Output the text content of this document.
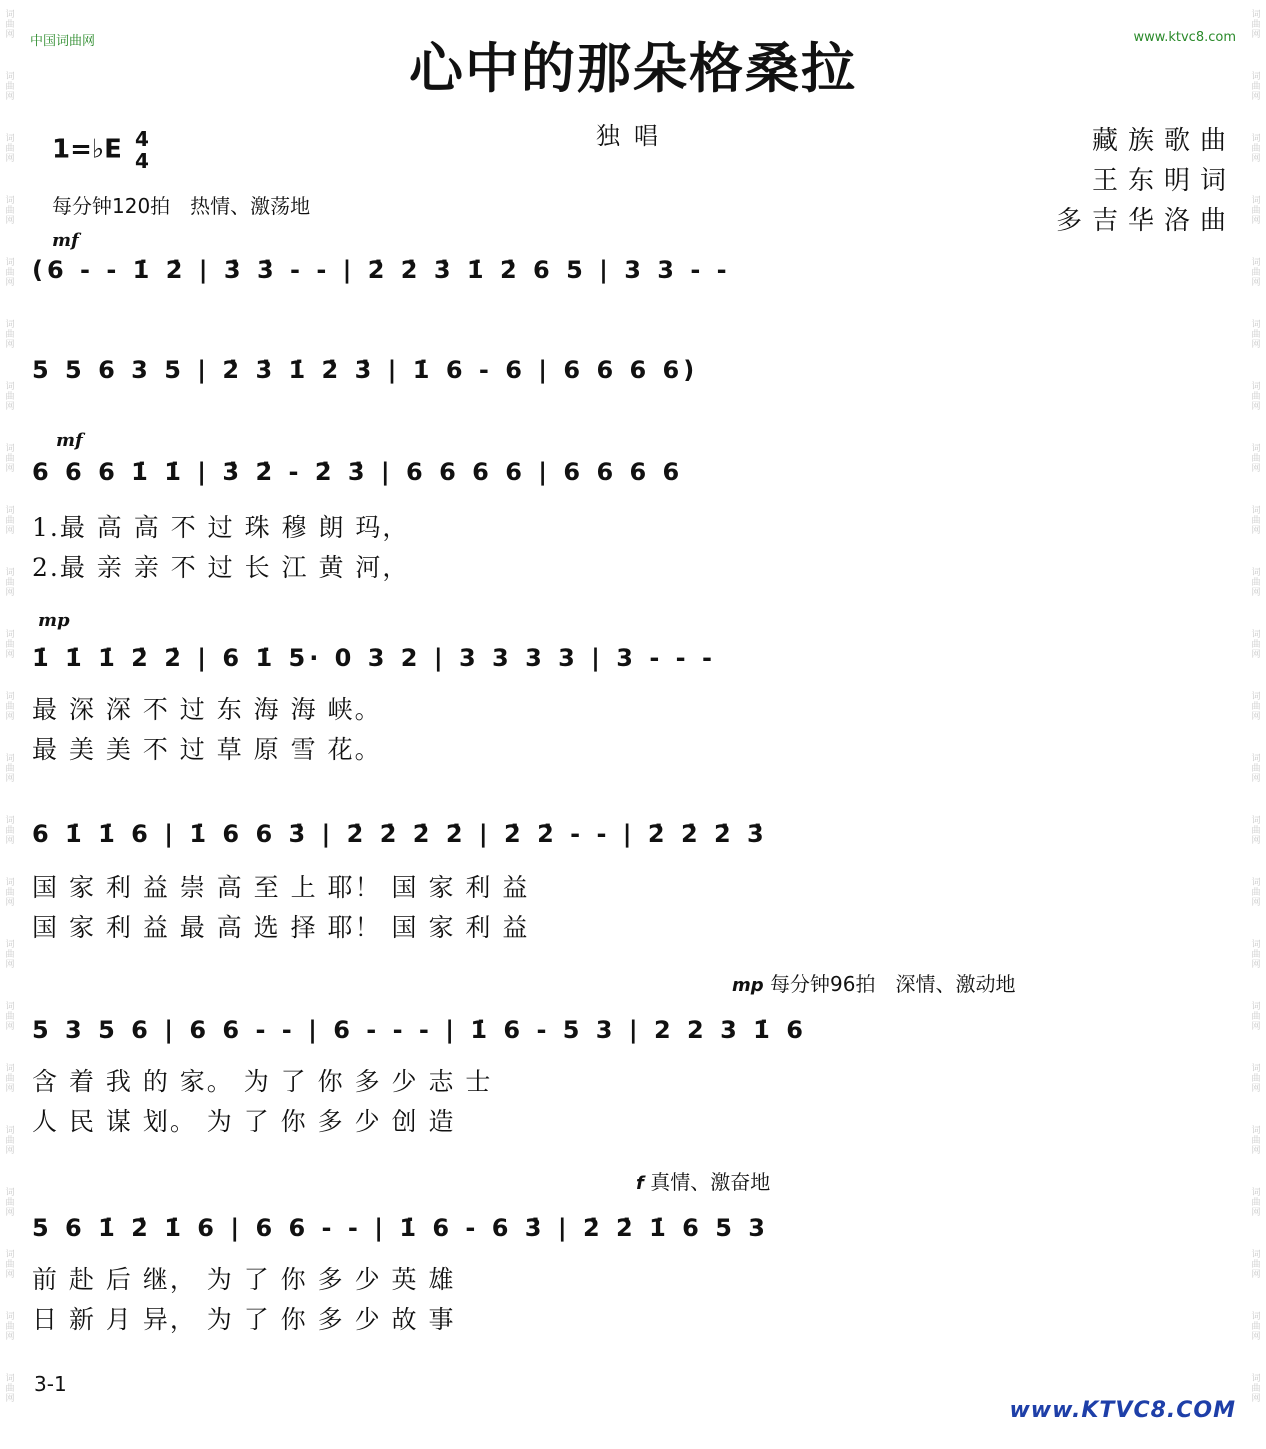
词曲网
词曲网
词曲网
词曲网
词曲网
词曲网
词曲网
词曲网
词曲网
词曲网
词曲网
词曲网
词曲网
词曲网
词曲网
词曲网
词曲网
词曲网
词曲网
词曲网
词曲网
词曲网
词曲网
词曲网
词曲网
词曲网
词曲网
词曲网
词曲网
词曲网
词曲网
词曲网
词曲网
词曲网
词曲网
词曲网
词曲网
词曲网
词曲网
词曲网
词曲网
词曲网
词曲网
词曲网
词曲网
词曲网
中国词曲网	www.ktvc8.com
心中的那朵格桑拉
独唱
1=♭E 4
4
每分钟120拍　热情、激荡地
藏族歌曲
王东明词
多吉华洛曲
mf
(6 - - 1̇ 2̇ | 3̇ 3̇ - - | 2̇ 2̇ 3̇ 1̇ 2̇ 6 5 | 3 3 - -
5 5 6 3 5 | 2̇ 3̇ 1̇ 2̇ 3̇ | 1̇ 6 - 6 | 6 6 6 6)
mf
6 6 6 1̇ 1̇ | 3̇ 2̇ - 2̇ 3̇ | 6 6 6 6 | 6 6 6 6
1.最 高 高 不 过 珠 穆 朗 玛，
2.最 亲 亲 不 过 长 江 黄 河，
mp
1̇ 1̇ 1̇ 2̇ 2̇ | 6 1̇ 5· 0 3 2 | 3 3 3 3 | 3 - - -
最 深 深 不 过 东 海 海 峡。
最 美 美 不 过 草 原 雪 花。
6 1̇ 1̇ 6 | 1̇ 6 6 3̇ | 2̇ 2̇ 2̇ 2̇ | 2̇ 2̇ - - | 2̇ 2̇ 2̇ 3̇
国 家 利 益 崇 高 至 上 耶！ 国 家 利 益
国 家 利 益 最 高 选 择 耶！ 国 家 利 益
mp 每分钟96拍　深情、激动地
5 3 5 6 | 6 6 - - | 6 - - - | 1̇ 6 - 5 3 | 2 2 3 1̇ 6
含 着 我 的 家。 为 了 你 多 少 志 士
人 民 谋 划。 为 了 你 多 少 创 造
f 真情、激奋地
5 6 1̇ 2̇ 1̇ 6 | 6 6 - - | 1̇ 6 - 6 3̇ | 2̇ 2̇ 1̇ 6 5 3
前 赴 后 继， 为 了 你 多 少 英 雄
日 新 月 异， 为 了 你 多 少 故 事
3-1
www.KTVC8.COM
